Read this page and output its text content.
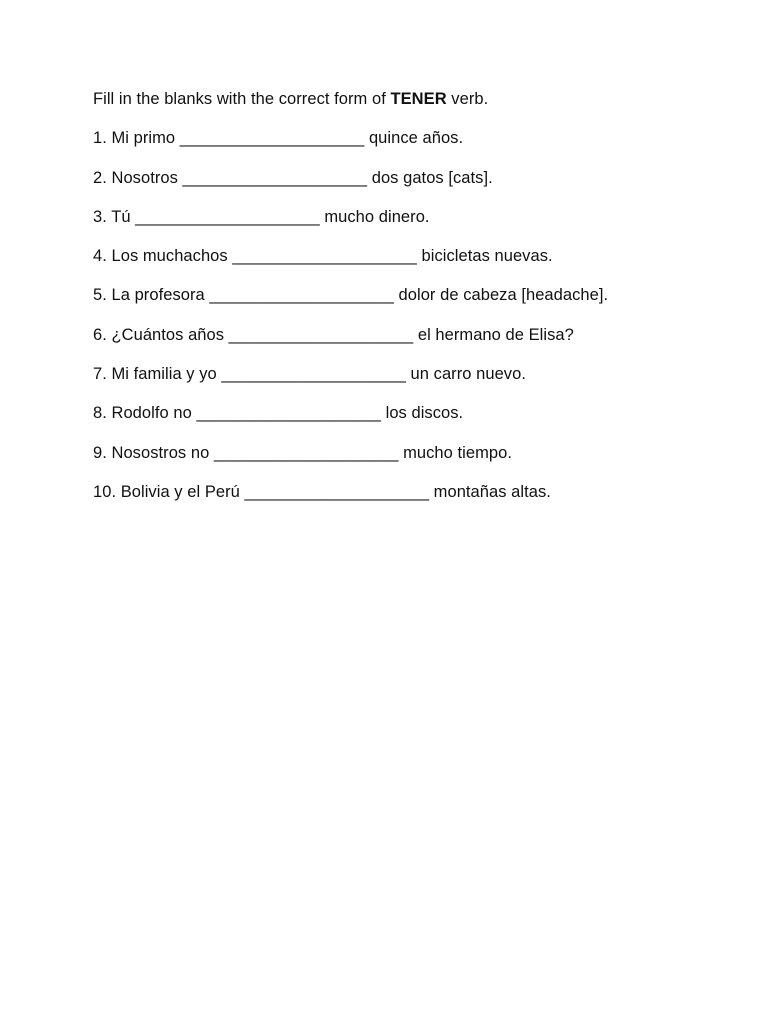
Fill in the blanks with the correct form of TENER verb.
1. Mi primo ____________________ quince años.
2. Nosotros ____________________ dos gatos [cats].
3. Tú ____________________ mucho dinero.
4. Los muchachos ____________________ bicicletas nuevas.
5. La profesora ____________________ dolor de cabeza [headache].
6. ¿Cuántos años ____________________ el hermano de Elisa?
7. Mi familia y yo ____________________ un carro nuevo.
8. Rodolfo no ____________________ los discos.
9. Nosostros no ____________________ mucho tiempo.
10. Bolivia y el Perú ____________________ montañas altas.
